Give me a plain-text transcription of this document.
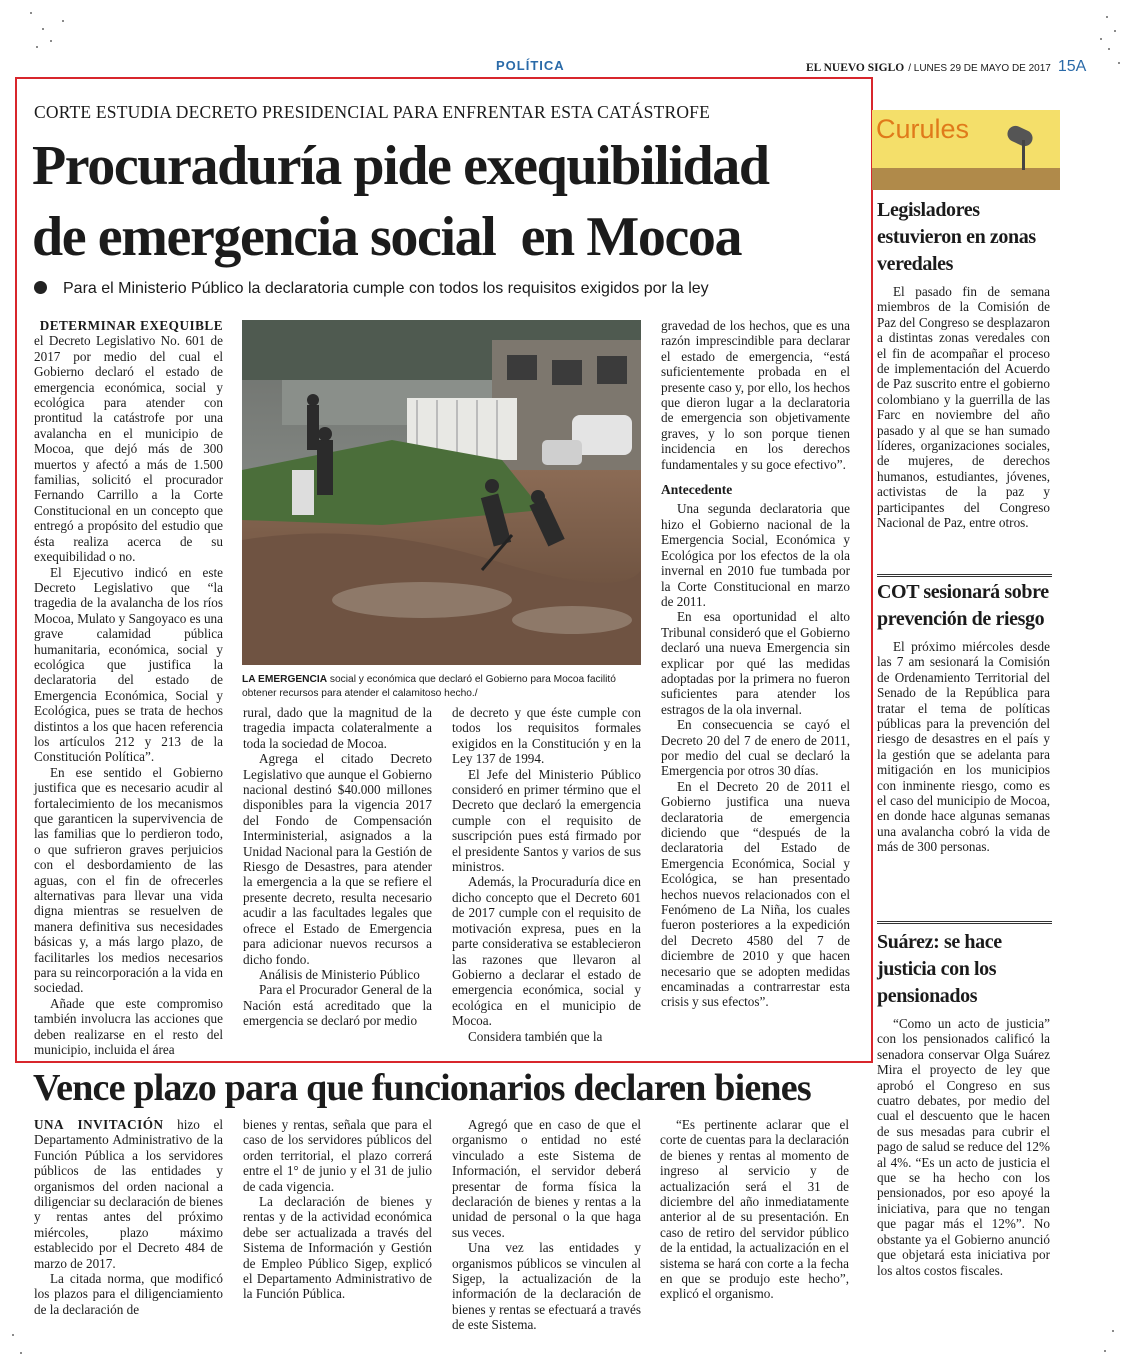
POLÍTICA	EL NUEVO SIGLO / LUNES 29 DE MAYO DE 2017 15A
CORTE ESTUDIA DECRETO PRESIDENCIAL PARA ENFRENTAR ESTA CATÁSTROFE
Procuraduría pide exequibilidad
de emergencia social  en Mocoa
Para el Ministerio Público la declaratoria cumple con todos los requisitos exigidos por la ley

DETERMINAR EXEQUIBLE

el Decreto Legislativo No. 601 de 2017 por medio del cual el Gobierno declaró el estado de emergencia económica, social y ecológica para atender con prontitud la catástrofe por una avalancha en el municipio de Mocoa, que dejó más de 300 muertos y afectó a más de 1.500 familias, solicitó el procurador Fernando Carrillo a la Corte Constitucional en un concepto que entregó a propósito del estudio que ésta realiza acerca de su exequibilidad o no.

El Ejecutivo indicó en este Decreto Legislativo que “la tragedia de la avalancha de los ríos Mocoa, Mulato y Sangoyaco es una grave calamidad pública humanitaria, económica, social y ecológica que justifica la declaratoria del estado de Emergencia Económica, Social y Ecológica, pues se trata de hechos distintos a los que hacen referencia los artículos 212 y 213 de la Constitución Política”.

En ese sentido el Gobierno justifica que es necesario acudir al fortalecimiento de los mecanismos que garanticen la supervivencia de las familias que lo perdieron todo, o que sufrieron graves perjuicios con el desbordamiento de las aguas, con el fin de ofrecerles alternativas para llevar una vida digna mientras se resuelven de manera definitiva sus necesidades básicas y, a más largo plazo, de facilitarles los medios necesarios para su reincorporación a la vida en sociedad.

Añade que este compromiso también involucra las acciones que deben realizarse en el resto del municipio, incluida el área

LA EMERGENCIA social y económica que declaró el Gobierno para Mocoa facilitó obtener recursos para atender el calamitoso hecho./

rural, dado que la magnitud de la tragedia impacta colateralmente a toda la sociedad de Mocoa.

Agrega el citado Decreto Legislativo que aunque el Gobierno nacional destinó $40.000 millones disponibles para la vigencia 2017 del Fondo de Compensación Interministerial, asignados a la Unidad Nacional para la Gestión de Riesgo de Desastres, para atender la emergencia a la que se refiere el presente decreto, resulta necesario acudir a las facultades legales que ofrece el Estado de Emergencia para adicionar nuevos recursos a dicho fondo.

Análisis de Ministerio Público

Para el Procurador General de la Nación está acreditado que la emergencia se declaró por medio

de decreto y que éste cumple con todos los requisitos formales exigidos en la Constitución y en la Ley 137 de 1994.

El Jefe del Ministerio Público consideró en primer término que el Decreto que declaró la emergencia cumple con el requisito de suscripción pues está firmado por el presidente Santos y varios de sus ministros.

Además, la Procuraduría dice en dicho concepto que el Decreto 601 de 2017 cumple con el requisito de motivación expresa, pues en la parte considerativa se establecieron las razones que llevaron al Gobierno a declarar el estado de emergencia económica, social y ecológica en el municipio de Mocoa.

Considera también que la

gravedad de los hechos, que es una razón imprescindible para declarar el estado de emergencia, “está suficientemente probada en el presente caso y, por ello, los hechos que dieron lugar a la declaratoria de emergencia son objetivamente graves, y lo son porque tienen incidencia en los derechos fundamentales y su goce efectivo”.

Antecedente

Una segunda declaratoria que hizo el Gobierno nacional de la Emergencia Social, Económica y Ecológica por los efectos de la ola invernal en 2010 fue tumbada por la Corte Constitucional en marzo de 2011.

En esa oportunidad el alto Tribunal consideró que el Gobierno declaró una nueva Emergencia sin explicar por qué las medidas adoptadas por la primera no fueron suficientes para atender los estragos de la ola invernal.

En consecuencia se cayó el Decreto 20 del 7 de enero de 2011, por medio del cual se declaró la Emergencia por otros 30 días.

En el Decreto 20 de 2011 el Gobierno justifica una nueva declaratoria de emergencia diciendo que “después de la declaratoria del Estado de Emergencia Económica, Social y Ecológica, se han presentado hechos nuevos relacionados con el Fenómeno de La Niña, los cuales fueron posteriores a la expedición del Decreto 4580 del 7 de diciembre de 2010 y que hacen necesario que se adopten medidas encaminadas a contrarrestar esta crisis y sus efectos”.

Curules
Legisladores estuvieron en zonas veredales

El pasado fin de semana miembros de la Comisión de Paz del Congreso se desplazaron a distintas zonas veredales con el fin de acompañar el proceso de implementación del Acuerdo de Paz suscrito entre el gobierno colombiano y la guerrilla de las Farc en noviembre del año pasado y al que se han sumado líderes, organizaciones sociales, de mujeres, de derechos humanos, estudiantes, jóvenes, activistas de la paz y participantes del Congreso Nacional de Paz, entre otros.

COT sesionará sobre prevención de riesgo

El próximo miércoles desde las 7 am sesionará la Comisión de Ordenamiento Territorial del Senado de la República para tratar el tema de políticas públicas para la prevención del riesgo de desastres en el país y la gestión que se adelanta para mitigación en los municipios con inminente riesgo, como es el caso del municipio de Mocoa, en donde hace algunas semanas una avalancha cobró la vida de más de 300 personas.

Suárez: se hace justicia con los pensionados

“Como un acto de justicia” con los pensionados calificó la senadora conservar Olga Suárez Mira el proyecto de ley que aprobó el Congreso en sus cuatro debates, por medio del cual el descuento que le hacen de sus mesadas para cubrir el pago de salud se reduce del 12% al 4%. “Es un acto de justicia el que se ha hecho con los pensionados, por eso apoyé la iniciativa, para que no tengan que pagar más el 12%”. No obstante ya el Gobierno anunció que objetará esta iniciativa por los altos costos fiscales.

Vence plazo para que funcionarios declaren bienes

UNA INVITACIÓN hizo el Departamento Administrativo de la Función Pública a los servidores públicos de las entidades y organismos del orden nacional a diligenciar su declaración de bienes y rentas antes del próximo miércoles, plazo máximo establecido por el Decreto 484 de marzo de 2017.

La citada norma, que modificó los plazos para el diligenciamiento de la declaración de

bienes y rentas, señala que para el caso de los servidores públicos del orden territorial, el plazo correrá entre el 1° de junio y el 31 de julio de cada vigencia.

La declaración de bienes y rentas y de la actividad económica debe ser actualizada a través del Sistema de Información y Gestión de Empleo Público Sigep, explicó el Departamento Administrativo de la Función Pública.

Agregó que en caso de que el organismo o entidad no esté vinculado a este Sistema de Información, el servidor deberá presentar de forma física la declaración de bienes y rentas a la unidad de personal o la que haga sus veces.

Una vez las entidades y organismos públicos se vinculen al Sigep, la actualización de la información de la declaración de bienes y rentas se efectuará a través de este Sistema.

“Es pertinente aclarar que el corte de cuentas para la declaración de bienes y rentas al momento de ingreso al servicio y de actualización será el 31 de diciembre del año inmediatamente anterior al de su presentación. En caso de retiro del servidor público de la entidad, la actualización en el sistema se hará con corte a la fecha en que se produjo este hecho”, explicó el organismo.
